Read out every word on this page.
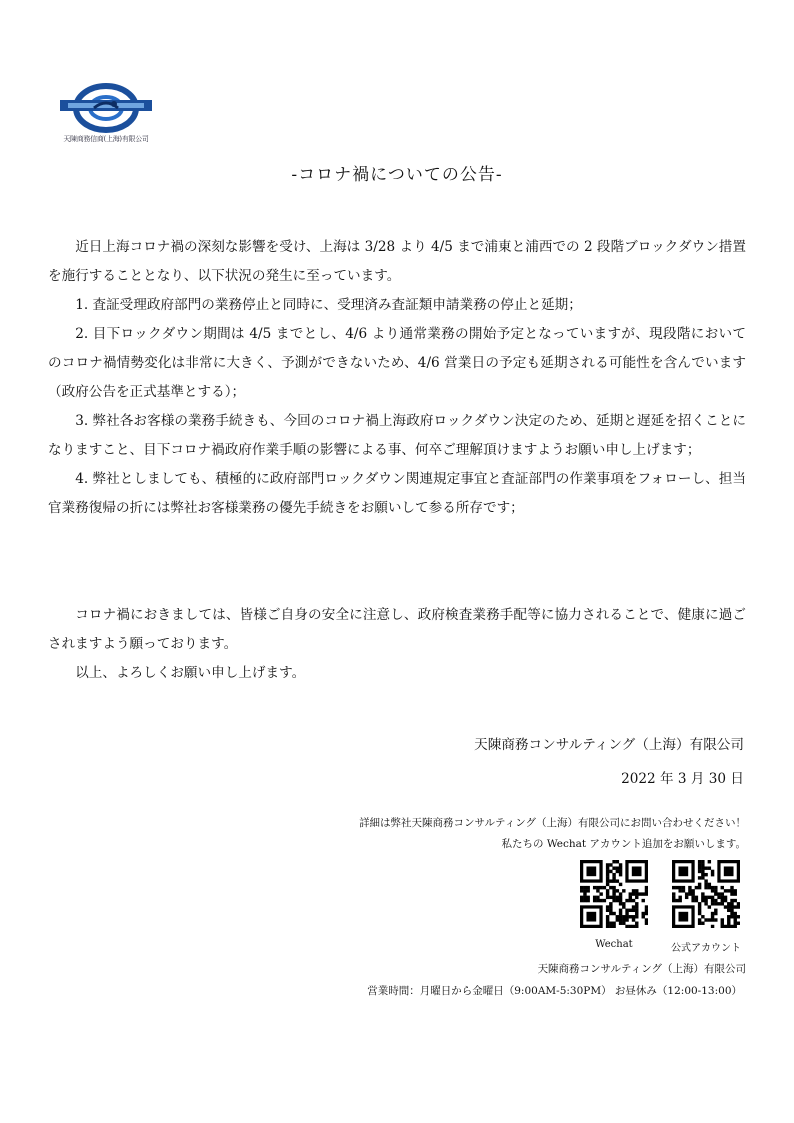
天陳商務信商(上海)有限公司
-コロナ禍についての公告-

近日上海コロナ禍の深刻な影響を受け、上海は 3/28 より 4/5 まで浦東と浦西での 2 段階ブロックダウン措置を施行することとなり、以下状況の発生に至っています。

1. 査証受理政府部門の業務停止と同時に、受理済み査証類申請業務の停止と延期；

2. 目下ロックダウン期間は 4/5 までとし、4/6 より通常業務の開始予定となっていますが、現段階においてのコロナ禍情勢変化は非常に大きく、予測ができないため、4/6 営業日の予定も延期される可能性を含んでいます（政府公告を正式基準とする）；

3. 弊社各お客様の業務手続きも、今回のコロナ禍上海政府ロックダウン決定のため、延期と遅延を招くことになりますこと、目下コロナ禍政府作業手順の影響による事、何卒ご理解頂けますようお願い申し上げます；

4. 弊社としましても、積極的に政府部門ロックダウン関連規定事宜と査証部門の作業事項をフォローし、担当官業務復帰の折には弊社お客様業務の優先手続きをお願いして参る所存です；

コロナ禍におきましては、皆様ご自身の安全に注意し、政府検査業務手配等に協力されることで、健康に過ごされますよう願っております。

以上、よろしくお願い申し上げます。

天陳商務コンサルティング（上海）有限公司
2022 年 3 月 30 日
詳細は弊社天陳商務コンサルティング（上海）有限公司にお問い合わせください！
私たちの Wechat アカウント追加をお願いします。
Wechat	公式アカウント
天陳商務コンサルティング（上海）有限公司
営業時間：月曜日から金曜日（9:00AM-5:30PM） お昼休み（12:00-13:00）
